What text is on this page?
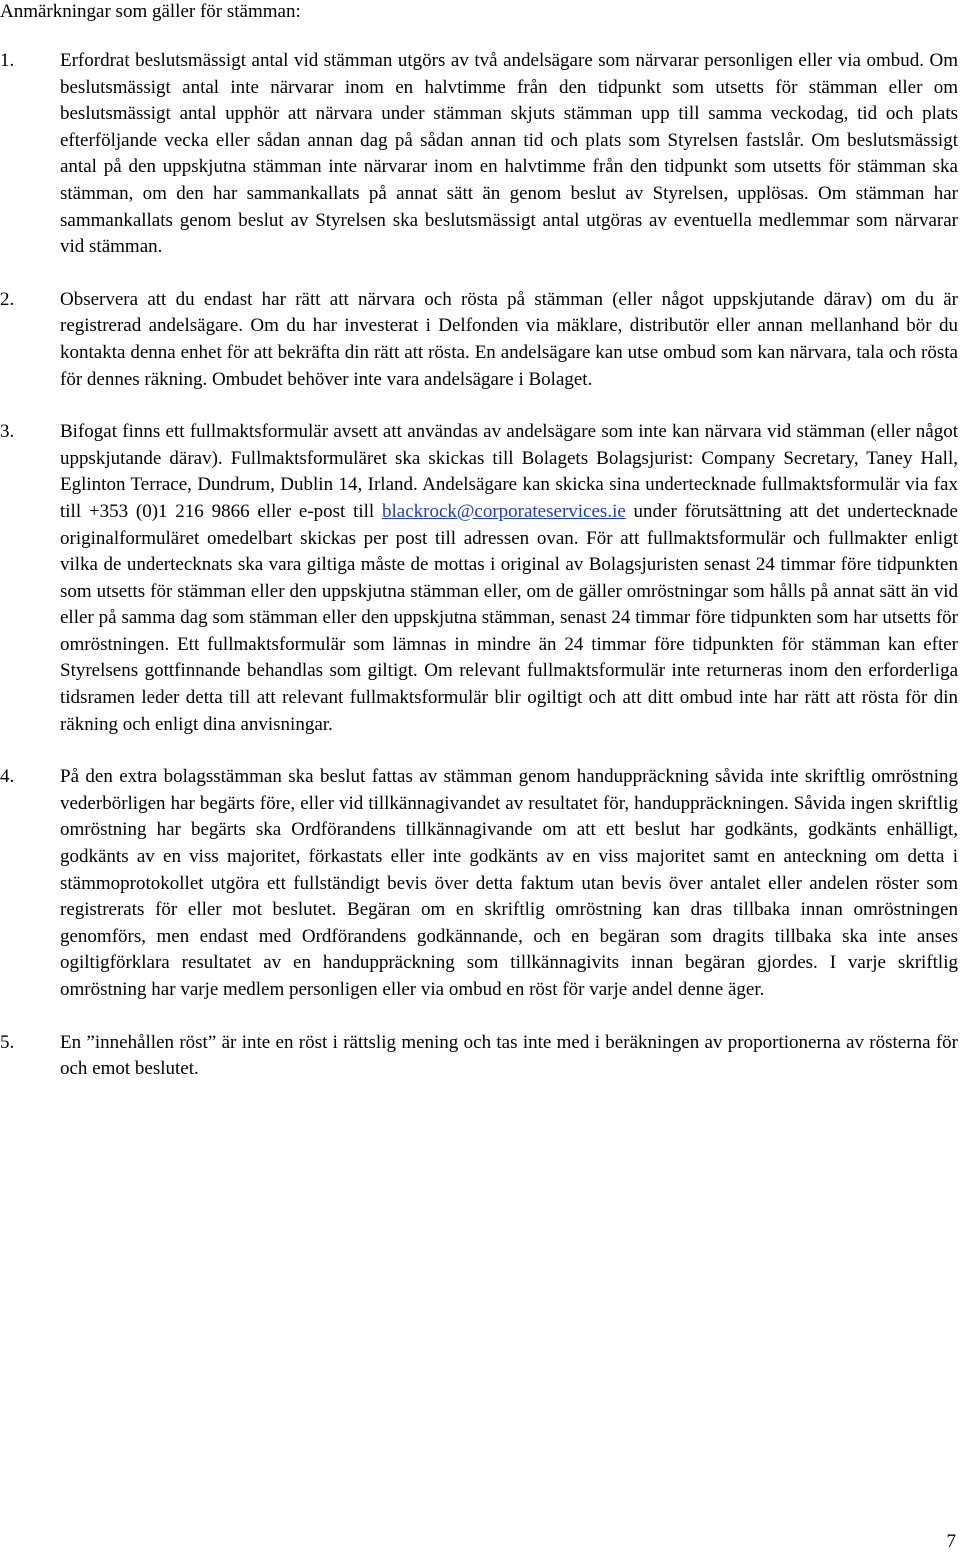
Anmärkningar som gäller för stämman:
1. Erfordrat beslutsmässigt antal vid stämman utgörs av två andelsägare som närvarar personligen eller via ombud. Om beslutsmässigt antal inte närvarar inom en halvtimme från den tidpunkt som utsetts för stämman eller om beslutsmässigt antal upphör att närvara under stämman skjuts stämman upp till samma veckodag, tid och plats efterföljande vecka eller sådan annan dag på sådan annan tid och plats som Styrelsen fastslår. Om beslutsmässigt antal på den uppskjutna stämman inte närvarar inom en halvtimme från den tidpunkt som utsetts för stämman ska stämman, om den har sammankallats på annat sätt än genom beslut av Styrelsen, upplösas. Om stämman har sammankallats genom beslut av Styrelsen ska beslutsmässigt antal utgöras av eventuella medlemmar som närvarar vid stämman.
2. Observera att du endast har rätt att närvara och rösta på stämman (eller något uppskjutande därav) om du är registrerad andelsägare. Om du har investerat i Delfonden via mäklare, distributör eller annan mellanhand bör du kontakta denna enhet för att bekräfta din rätt att rösta. En andelsägare kan utse ombud som kan närvara, tala och rösta för dennes räkning. Ombudet behöver inte vara andelsägare i Bolaget.
3. Bifogat finns ett fullmaktsformulär avsett att användas av andelsägare som inte kan närvara vid stämman (eller något uppskjutande därav). Fullmaktsformuläret ska skickas till Bolagets Bolagsjurist: Company Secretary, Taney Hall, Eglinton Terrace, Dundrum, Dublin 14, Irland. Andelsägare kan skicka sina undertecknade fullmaktsformulär via fax till +353 (0)1 216 9866 eller e-post till blackrock@corporateservices.ie under förutsättning att det undertecknade originalformuläret omedelbart skickas per post till adressen ovan. För att fullmaktsformulär och fullmakter enligt vilka de undertecknats ska vara giltiga måste de mottas i original av Bolagsjuristen senast 24 timmar före tidpunkten som utsetts för stämman eller den uppskjutna stämman eller, om de gäller omröstningar som hålls på annat sätt än vid eller på samma dag som stämman eller den uppskjutna stämman, senast 24 timmar före tidpunkten som har utsetts för omröstningen. Ett fullmaktsformulär som lämnas in mindre än 24 timmar före tidpunkten för stämman kan efter Styrelsens gottfinnande behandlas som giltigt. Om relevant fullmaktsformulär inte returneras inom den erforderliga tidsramen leder detta till att relevant fullmaktsformulär blir ogiltigt och att ditt ombud inte har rätt att rösta för din räkning och enligt dina anvisningar.
4. På den extra bolagsstämman ska beslut fattas av stämman genom handuppräckning såvida inte skriftlig omröstning vederbörligen har begärts före, eller vid tillkännagivandet av resultatet för, handuppräckningen. Såvida ingen skriftlig omröstning har begärts ska Ordförandens tillkännagivande om att ett beslut har godkänts, godkänts enhälligt, godkänts av en viss majoritet, förkastats eller inte godkänts av en viss majoritet samt en anteckning om detta i stämmoprotokollet utgöra ett fullständigt bevis över detta faktum utan bevis över antalet eller andelen röster som registrerats för eller mot beslutet. Begäran om en skriftlig omröstning kan dras tillbaka innan omröstningen genomförs, men endast med Ordförandens godkännande, och en begäran som dragits tillbaka ska inte anses ogiltigförklara resultatet av en handuppräckning som tillkännagivits innan begäran gjordes. I varje skriftlig omröstning har varje medlem personligen eller via ombud en röst för varje andel denne äger.
5. En ”innehållen röst” är inte en röst i rättslig mening och tas inte med i beräkningen av proportionerna av rösterna för och emot beslutet.
7
